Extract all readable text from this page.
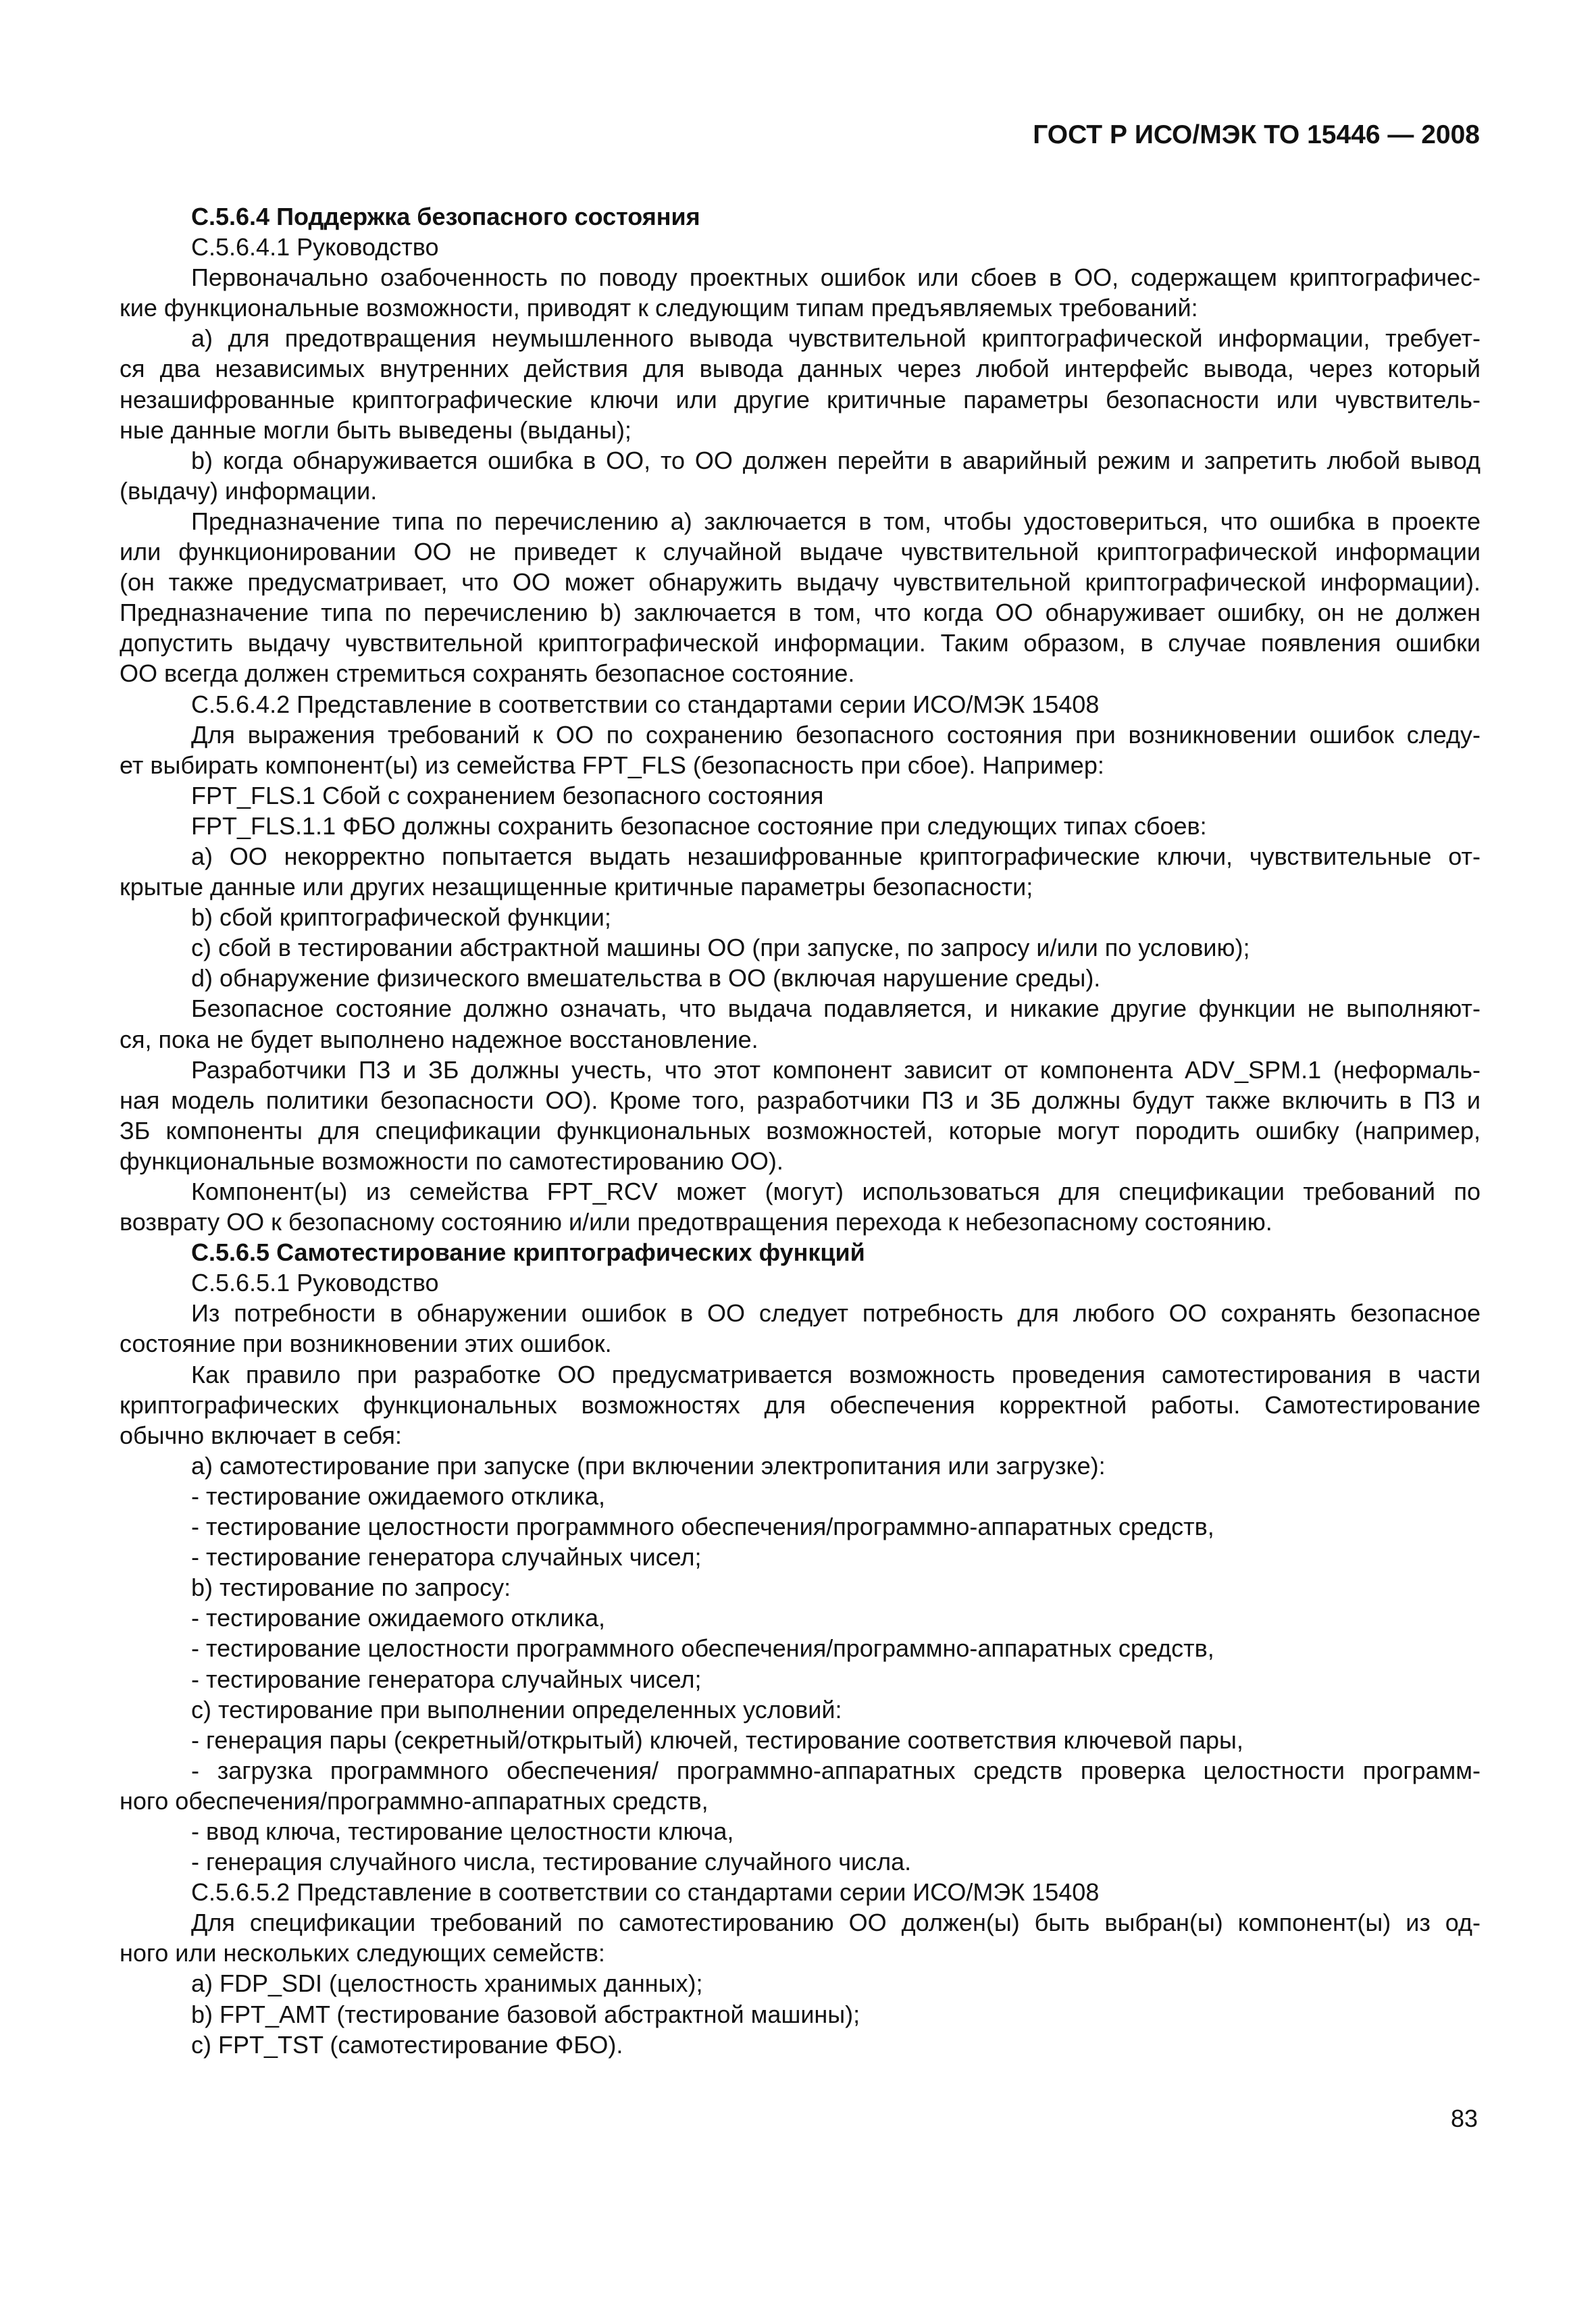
ГОСТ Р ИСО/МЭК ТО 15446 — 2008
С.5.6.4 Поддержка безопасного состояния
С.5.6.4.1 Руководство
Первоначально озабоченность по поводу проектных ошибок или сбоев в ОО, содержащем криптографичес-
кие функциональные возможности, приводят к следующим типам предъявляемых требований:
а) для предотвращения неумышленного вывода чувствительной криптографической информации, требует-
ся два независимых внутренних действия для вывода данных через любой интерфейс вывода, через который
незашифрованные криптографические ключи или другие критичные параметры безопасности или чувствитель-
ные данные могли быть выведены (выданы);
b) когда обнаруживается ошибка в ОО, то ОО должен перейти в аварийный режим и запретить любой вывод
(выдачу) информации.
Предназначение типа по перечислению а) заключается в том, чтобы удостовериться, что ошибка в проекте
или функционировании ОО не приведет к случайной выдаче чувствительной криптографической информации
(он также предусматривает, что ОО может обнаружить выдачу чувствительной криптографической информации).
Предназначение типа по перечислению b) заключается в том, что когда ОО обнаруживает ошибку, он не должен
допустить выдачу чувствительной криптографической информации. Таким образом, в случае появления ошибки
ОО всегда должен стремиться сохранять безопасное состояние.
С.5.6.4.2 Представление в соответствии со стандартами серии ИСО/МЭК 15408
Для выражения требований к ОО по сохранению безопасного состояния при возникновении ошибок следу-
ет выбирать компонент(ы) из семейства FPT_FLS (безопасность при сбое). Например:
FPT_FLS.1 Сбой с сохранением безопасного состояния
FPT_FLS.1.1 ФБО должны сохранить безопасное состояние при следующих типах сбоев:
а) ОО некорректно попытается выдать незашифрованные криптографические ключи, чувствительные от-
крытые данные или других незащищенные критичные параметры безопасности;
b) сбой криптографической функции;
с) сбой в тестировании абстрактной машины ОО (при запуске, по запросу и/или по условию);
d) обнаружение физического вмешательства в ОО (включая нарушение среды).
Безопасное состояние должно означать, что выдача подавляется, и никакие другие функции не выполняют-
ся, пока не будет выполнено надежное восстановление.
Разработчики ПЗ и ЗБ должны учесть, что этот компонент зависит от компонента ADV_SPM.1 (неформаль-
ная модель политики безопасности ОО). Кроме того, разработчики ПЗ и ЗБ должны будут также включить в ПЗ и
ЗБ компоненты для спецификации функциональных возможностей, которые могут породить ошибку (например,
функциональные возможности по самотестированию ОО).
Компонент(ы) из семейства FPT_RCV может (могут) использоваться для спецификации требований по
возврату ОО к безопасному состоянию и/или предотвращения перехода к небезопасному состоянию.
С.5.6.5 Самотестирование криптографических функций
С.5.6.5.1 Руководство
Из потребности в обнаружении ошибок в ОО следует потребность для любого ОО сохранять безопасное
состояние при возникновении этих ошибок.
Как правило при разработке ОО предусматривается возможность проведения самотестирования в части
криптографических функциональных возможностях для обеспечения корректной работы. Самотестирование
обычно включает в себя:
а) самотестирование при запуске (при включении электропитания или загрузке):
- тестирование ожидаемого отклика,
- тестирование целостности программного обеспечения/программно-аппаратных средств,
- тестирование генератора случайных чисел;
b) тестирование по запросу:
- тестирование ожидаемого отклика,
- тестирование целостности программного обеспечения/программно-аппаратных средств,
- тестирование генератора случайных чисел;
с) тестирование при выполнении определенных условий:
- генерация пары (секретный/открытый) ключей, тестирование соответствия ключевой пары,
- загрузка программного обеспечения/ программно-аппаратных средств проверка целостности программ-
ного обеспечения/программно-аппаратных средств,
- ввод ключа, тестирование целостности ключа,
- генерация случайного числа, тестирование случайного числа.
С.5.6.5.2 Представление в соответствии со стандартами серии ИСО/МЭК 15408
Для спецификации требований по самотестированию ОО должен(ы) быть выбран(ы) компонент(ы) из од-
ного или нескольких следующих семейств:
а) FDP_SDI (целостность хранимых данных);
b) FPT_AMT (тестирование базовой абстрактной машины);
с) FPT_TST (самотестирование ФБО).
83
